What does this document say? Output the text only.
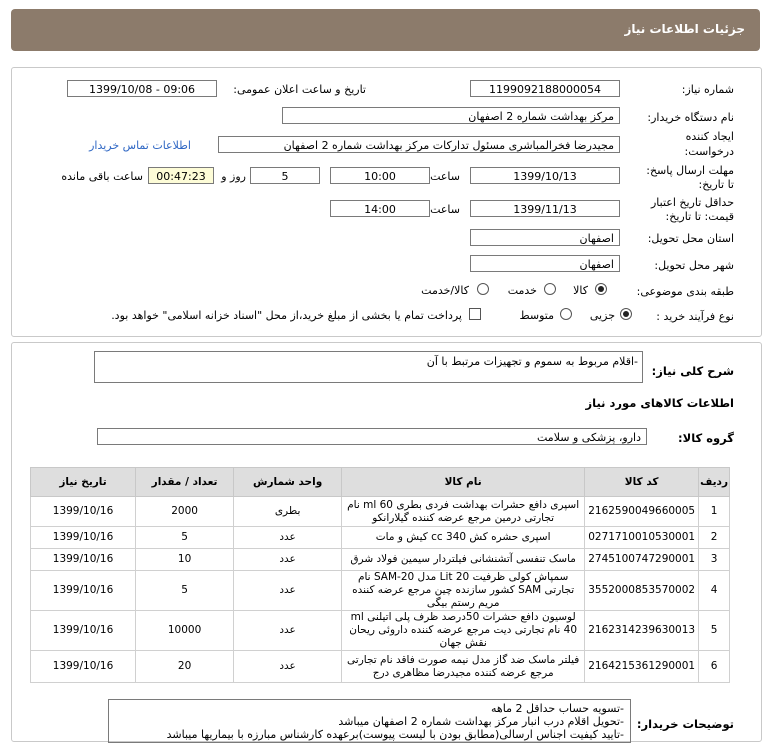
جزئیات اطلاعات نیاز
شماره نیاز:
1199092188000054
تاریخ و ساعت اعلان عمومی:
1399/10/08 - 09:06
نام دستگاه خریدار:
مرکز بهداشت شماره 2 اصفهان
ایجاد کننده
درخواست:
مجیدرضا فخرالمباشری مسئول تدارکات مرکز بهداشت شماره 2 اصفهان
اطلاعات تماس خریدار
مهلت ارسال پاسخ:
تا تاریخ:
1399/10/13
ساعت
10:00
5
روز و
00:47:23
ساعت باقی مانده
حداقل تاریخ اعتبار
قیمت: تا تاریخ:
1399/11/13
ساعت
14:00
استان محل تحویل:
اصفهان
شهر محل تحویل:
اصفهان
طبقه بندی موضوعی:
کالا
خدمت
کالا/خدمت
نوع فرآیند خرید :
جزیی
متوسط
پرداخت تمام یا بخشی از مبلغ خرید،از محل "اسناد خزانه اسلامی" خواهد بود.
شرح کلی نیاز:
-اقلام مربوط به سموم و تجهیزات مرتبط با آن
اطلاعات کالاهای مورد نیاز
گروه کالا:
دارو، پزشکی و سلامت
ردیف	کد کالا	نام کالا	واحد شمارش	تعداد / مقدار	تاریخ نیاز
1	2162590049660005	اسپری دافع حشرات بهداشت فردی بطری ml 60 نام تجارتی درمین مرجع عرضه کننده گیلارانکو	بطری	2000	1399/10/16
2	0271710010530001	اسپری حشره کش 340 cc کیش و مات	عدد	5	1399/10/16
3	2745100747290001	ماسک تنفسی آتشنشانی فیلتردار سیمین فولاد شرق	عدد	10	1399/10/16
4	3552000853570002	سمپاش کولی ظرفیت Lit 20 مدل SAM-20 نام تجارتی SAM کشور سازنده چین مرجع عرضه کننده مریم رستم بیگی	عدد	5	1399/10/16
5	2162314239630013	لوسیون دافع حشرات 50درصد ظرف پلی اتیلنی ml 40 نام تجارتی دیت مرجع عرضه کننده داروئی ریحان نقش جهان	عدد	10000	1399/10/16
6	2164215361290001	فیلتر ماسک ضد گاز مدل نیمه صورت فاقد نام تجارتی مرجع عرضه کننده مجیدرضا مظاهری درج	عدد	20	1399/10/16
توضیحات خریدار:
-تسویه حساب حداقل 2 ماهه
-تحویل اقلام درب انبار مرکز بهداشت شماره 2 اصفهان میباشد
-تایید کیفیت اجناس ارسالی(مطابق بودن با لیست پیوست)برعهده کارشناس مبارزه با بیماریها میباشد
